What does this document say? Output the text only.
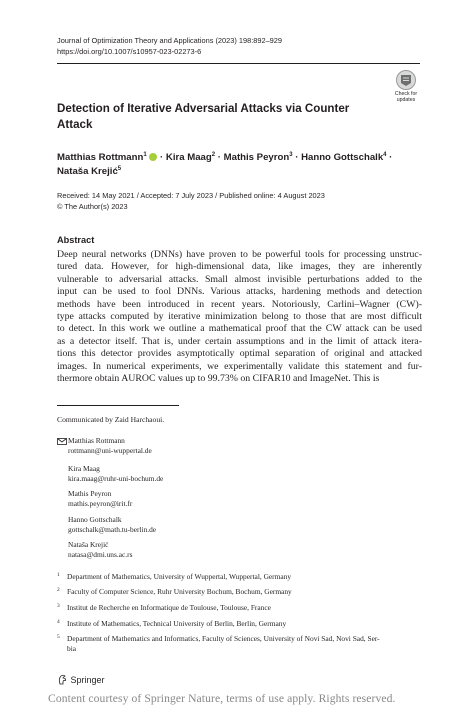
Journal of Optimization Theory and Applications (2023) 198:892–929
https://doi.org/10.1007/s10957-023-02273-6
Check for
updates
Detection of Iterative Adversarial Attacks via Counter Attack
Matthias Rottmann$^1$  · Kira Maag$^2$ · Mathis Peyron$^3$ · Hanno Gottschalk$^4$ ·
Nataša Krejić$^5$
Received: 14 May 2021 / Accepted: 7 July 2023 / Published online: 4 August 2023
© The Author(s) 2023
Abstract
Deep neural networks (DNNs) have proven to be powerful tools for processing unstruc-
tured data. However, for high-dimensional data, like images, they are inherently
vulnerable to adversarial attacks. Small almost invisible perturbations added to the
input can be used to fool DNNs. Various attacks, hardening methods and detection
methods have been introduced in recent years. Notoriously, Carlini–Wagner (CW)-
type attacks computed by iterative minimization belong to those that are most difficult
to detect. In this work we outline a mathematical proof that the CW attack can be used
as a detector itself. That is, under certain assumptions and in the limit of attack itera-
tions this detector provides asymptotically optimal separation of original and attacked
images. In numerical experiments, we experimentally validate this statement and fur-
thermore obtain AUROC values up to 99.73% on CIFAR10 and ImageNet. This is
Communicated by Zaid Harchaoui.
Matthias Rottmann
rottmann@uni-wuppertal.de
Kira Maag
kira.maag@ruhr-uni-bochum.de
Mathis Peyron
mathis.peyron@irit.fr
Hanno Gottschalk
gottschalk@math.tu-berlin.de
Nataša Krejić
natasa@dmi.uns.ac.rs
1 Department of Mathematics, University of Wuppertal, Wuppertal, Germany
2 Faculty of Computer Science, Ruhr University Bochum, Bochum, Germany
3 Institut de Recherche en Informatique de Toulouse, Toulouse, France
4 Institute of Mathematics, Technical University of Berlin, Berlin, Germany
5 Department of Mathematics and Informatics, Faculty of Sciences, University of Novi Sad, Novi Sad, Ser-
bia
Springer
Content courtesy of Springer Nature, terms of use apply. Rights reserved.
